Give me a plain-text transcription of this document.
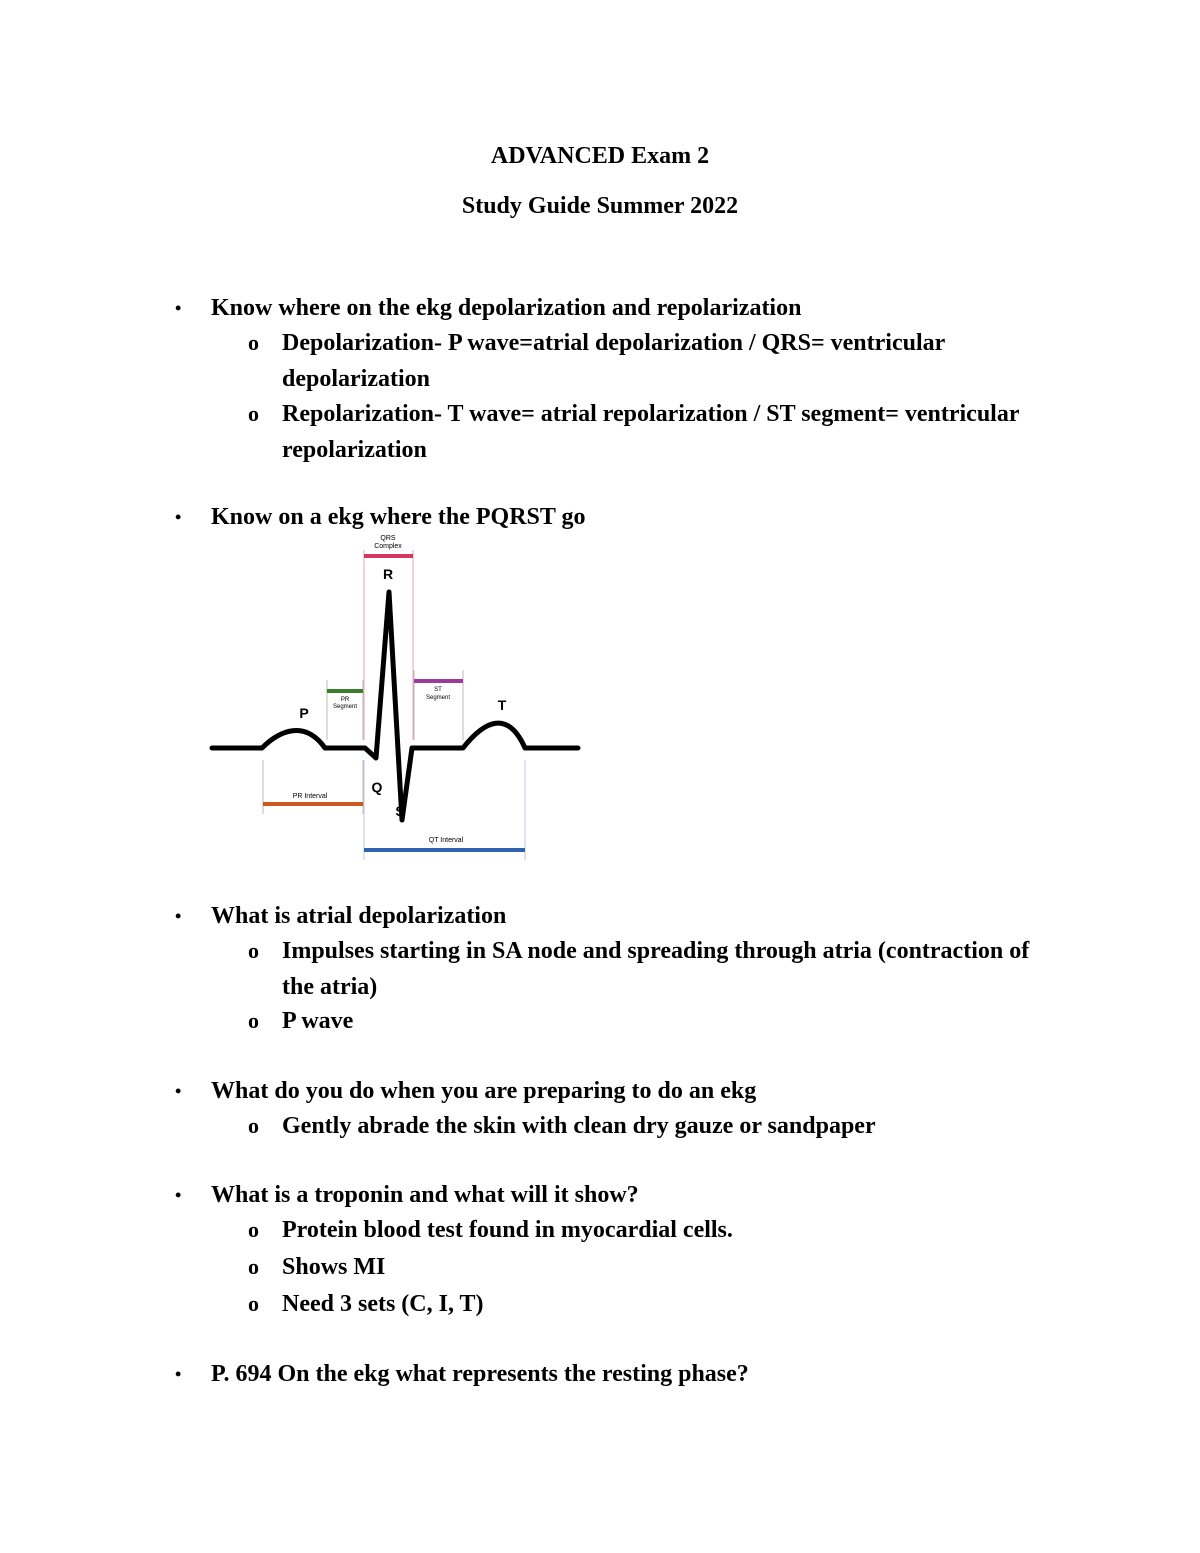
ADVANCED Exam 2
Study Guide Summer 2022
• Know where on the ekg depolarization and repolarization
o Depolarization- P wave=atrial depolarization / QRS= ventricular depolarization
o Repolarization- T wave= atrial repolarization / ST segment= ventricular repolarization
• Know on a ekg where the PQRST go
QRS
Complex
PR
Segment
ST
Segment
R
P	T
Q
S
PR Interval
QT Interval
• What is atrial depolarization
o Impulses starting in SA node and spreading through atria (contraction of the atria)
o P wave
• What do you do when you are preparing to do an ekg
o Gently abrade the skin with clean dry gauze or sandpaper
• What is a troponin and what will it show?
o Protein blood test found in myocardial cells.
o Shows MI
o Need 3 sets (C, I, T)
• P. 694 On the ekg what represents the resting phase?
